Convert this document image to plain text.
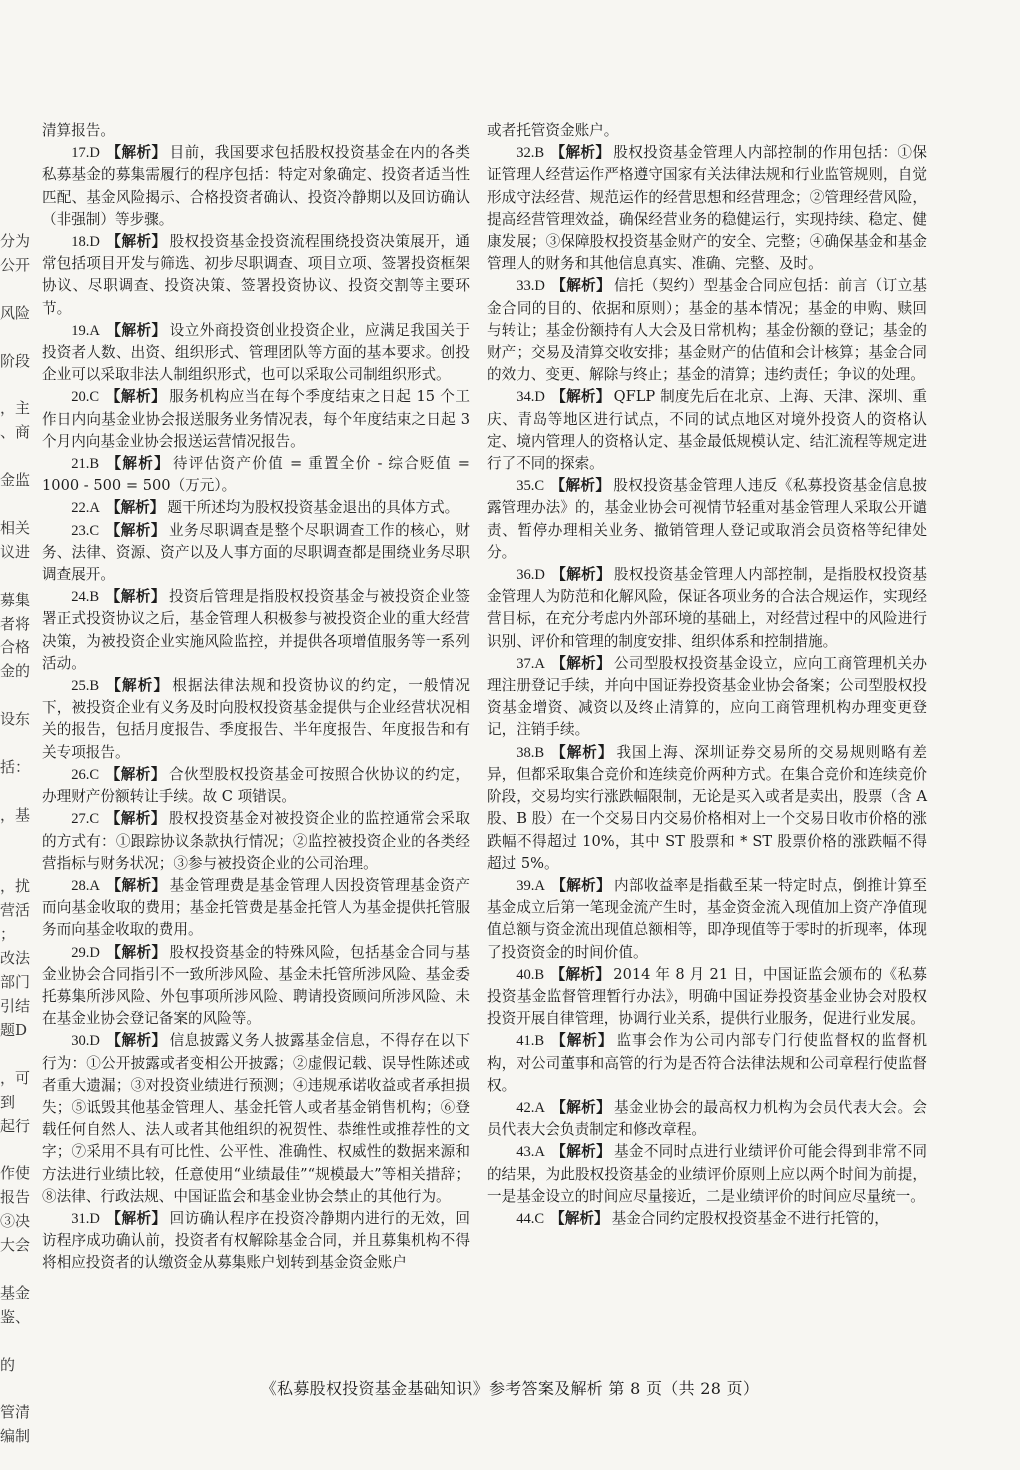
分为
公开

风险

阶段

，主
、商

金监

相关
议进

募集
者将
合格
金的

设东

括：

，基

，扰
营活
；
改法
部门
引结
题D

，可
到
起行

作使
报告
③决
大会

基金
鉴、

的

管清
编制

清算报告。

17.D 【解析】 目前，我国要求包括股权投资基金在内的各类私募基金的募集需履行的程序包括：特定对象确定、投资者适当性匹配、基金风险揭示、合格投资者确认、投资冷静期以及回访确认（非强制）等步骤。

18.D 【解析】 股权投资基金投资流程围绕投资决策展开，通常包括项目开发与筛选、初步尽职调查、项目立项、签署投资框架协议、尽职调查、投资决策、签署投资协议、投资交割等主要环节。

19.A 【解析】 设立外商投资创业投资企业，应满足我国关于投资者人数、出资、组织形式、管理团队等方面的基本要求。创投企业可以采取非法人制组织形式，也可以采取公司制组织形式。

20.C 【解析】 服务机构应当在每个季度结束之日起 15 个工作日内向基金业协会报送服务业务情况表，每个年度结束之日起 3 个月内向基金业协会报送运营情况报告。

21.B 【解析】 待评估资产价值 = 重置全价 - 综合贬值 = 1000 - 500 = 500（万元）。

22.A 【解析】 题干所述均为股权投资基金退出的具体方式。

23.C 【解析】 业务尽职调查是整个尽职调查工作的核心，财务、法律、资源、资产以及人事方面的尽职调查都是围绕业务尽职调查展开。

24.B 【解析】 投资后管理是指股权投资基金与被投资企业签署正式投资协议之后，基金管理人积极参与被投资企业的重大经营决策，为被投资企业实施风险监控，并提供各项增值服务等一系列活动。

25.B 【解析】 根据法律法规和投资协议的约定，一般情况下，被投资企业有义务及时向股权投资基金提供与企业经营状况相关的报告，包括月度报告、季度报告、半年度报告、年度报告和有关专项报告。

26.C 【解析】 合伙型股权投资基金可按照合伙协议的约定，办理财产份额转让手续。故 C 项错误。

27.C 【解析】 股权投资基金对被投资企业的监控通常会采取的方式有：①跟踪协议条款执行情况；②监控被投资企业的各类经营指标与财务状况；③参与被投资企业的公司治理。

28.A 【解析】 基金管理费是基金管理人因投资管理基金资产而向基金收取的费用；基金托管费是基金托管人为基金提供托管服务而向基金收取的费用。

29.D 【解析】 股权投资基金的特殊风险，包括基金合同与基金业协会合同指引不一致所涉风险、基金未托管所涉风险、基金委托募集所涉风险、外包事项所涉风险、聘请投资顾问所涉风险、未在基金业协会登记备案的风险等。

30.D 【解析】 信息披露义务人披露基金信息，不得存在以下行为：①公开披露或者变相公开披露；②虚假记载、误导性陈述或者重大遗漏；③对投资业绩进行预测；④违规承诺收益或者承担损失；⑤诋毁其他基金管理人、基金托管人或者基金销售机构；⑥登载任何自然人、法人或者其他组织的祝贺性、恭维性或推荐性的文字；⑦采用不具有可比性、公平性、准确性、权威性的数据来源和方法进行业绩比较，任意使用“业绩最佳”“规模最大”等相关措辞；⑧法律、行政法规、中国证监会和基金业协会禁止的其他行为。

31.D 【解析】 回访确认程序在投资冷静期内进行的无效，回访程序成功确认前，投资者有权解除基金合同，并且募集机构不得将相应投资者的认缴资金从募集账户划转到基金资金账户

或者托管资金账户。

32.B 【解析】 股权投资基金管理人内部控制的作用包括：①保证管理人经营运作严格遵守国家有关法律法规和行业监管规则，自觉形成守法经营、规范运作的经营思想和经营理念；②管理经营风险，提高经营管理效益，确保经营业务的稳健运行，实现持续、稳定、健康发展；③保障股权投资基金财产的安全、完整；④确保基金和基金管理人的财务和其他信息真实、准确、完整、及时。

33.D 【解析】 信托（契约）型基金合同应包括：前言（订立基金合同的目的、依据和原则）；基金的基本情况；基金的申购、赎回与转让；基金份额持有人大会及日常机构；基金份额的登记；基金的财产；交易及清算交收安排；基金财产的估值和会计核算；基金合同的效力、变更、解除与终止；基金的清算；违约责任；争议的处理。

34.D 【解析】 QFLP 制度先后在北京、上海、天津、深圳、重庆、青岛等地区进行试点，不同的试点地区对境外投资人的资格认定、境内管理人的资格认定、基金最低规模认定、结汇流程等规定进行了不同的探索。

35.C 【解析】 股权投资基金管理人违反《私募投资基金信息披露管理办法》的，基金业协会可视情节轻重对基金管理人采取公开谴责、暂停办理相关业务、撤销管理人登记或取消会员资格等纪律处分。

36.D 【解析】 股权投资基金管理人内部控制，是指股权投资基金管理人为防范和化解风险，保证各项业务的合法合规运作，实现经营目标，在充分考虑内外部环境的基础上，对经营过程中的风险进行识别、评价和管理的制度安排、组织体系和控制措施。

37.A 【解析】 公司型股权投资基金设立，应向工商管理机关办理注册登记手续，并向中国证券投资基金业协会备案；公司型股权投资基金增资、减资以及终止清算的，应向工商管理机构办理变更登记，注销手续。

38.B 【解析】 我国上海、深圳证券交易所的交易规则略有差异，但都采取集合竞价和连续竞价两种方式。在集合竞价和连续竞价阶段，交易均实行涨跌幅限制，无论是买入或者是卖出，股票（含 A 股、B 股）在一个交易日内交易价格相对上一个交易日收市价格的涨跌幅不得超过 10%，其中 ST 股票和 * ST 股票价格的涨跌幅不得超过 5%。

39.A 【解析】 内部收益率是指截至某一特定时点，倒推计算至基金成立后第一笔现金流产生时，基金资金流入现值加上资产净值现值总额与资金流出现值总额相等，即净现值等于零时的折现率，体现了投资资金的时间价值。

40.B 【解析】 2014 年 8 月 21 日，中国证监会颁布的《私募投资基金监督管理暂行办法》，明确中国证券投资基金业协会对股权投资开展自律管理，协调行业关系，提供行业服务，促进行业发展。

41.B 【解析】 监事会作为公司内部专门行使监督权的监督机构，对公司董事和高管的行为是否符合法律法规和公司章程行使监督权。

42.A 【解析】 基金业协会的最高权力机构为会员代表大会。会员代表大会负责制定和修改章程。

43.A 【解析】 基金不同时点进行业绩评价可能会得到非常不同的结果，为此股权投资基金的业绩评价原则上应以两个时间为前提，一是基金设立的时间应尽量接近，二是业绩评价的时间应尽量统一。

44.C 【解析】 基金合同约定股权投资基金不进行托管的，

《私募股权投资基金基础知识》参考答案及解析 第 8 页（共 28 页）
